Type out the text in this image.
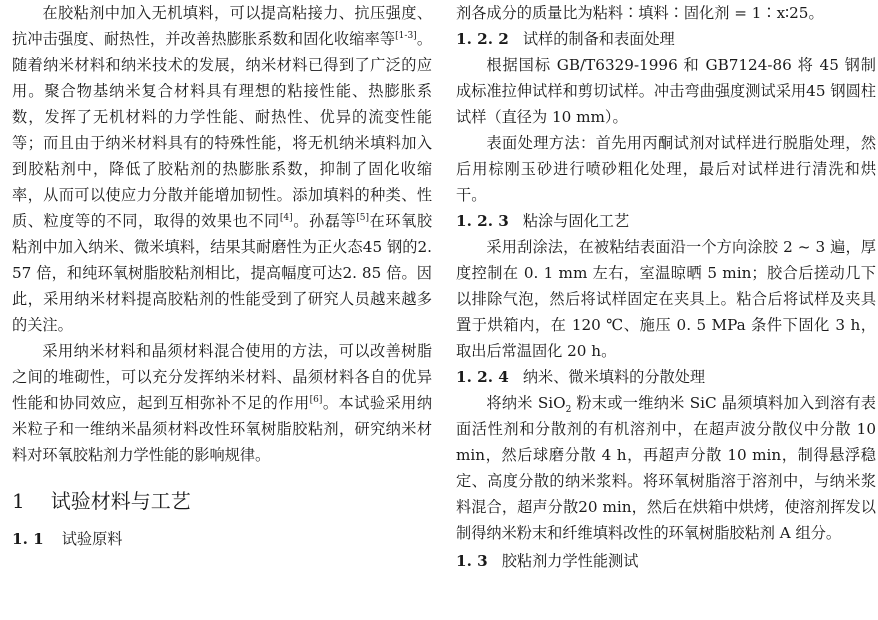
在胶粘剂中加入无机填料，可以提高粘接力、抗压强度、抗冲击强度、耐热性，并改善热膨胀系数和固化收缩率等[1-3]。随着纳米材料和纳米技术的发展，纳米材料已得到了广泛的应用。聚合物基纳米复合材料具有理想的粘接性能、热膨胀系数，发挥了无机材料的力学性能、耐热性、优异的流变性能等；而且由于纳米材料具有的特殊性能，将无机纳米填料加入到胶粘剂中，降低了胶粘剂的热膨胀系数，抑制了固化收缩率，从而可以使应力分散并能增加韧性。添加填料的种类、性质、粒度等的不同，取得的效果也不同[4]。孙磊等[5]在环氧胶粘剂中加入纳米、微米填料，结果其耐磨性为正火态45 钢的2. 57 倍，和纯环氧树脂胶粘剂相比，提高幅度可达2. 85 倍。因此，采用纳米材料提高胶粘剂的性能受到了研究人员越来越多的关注。

采用纳米材料和晶须材料混合使用的方法，可以改善树脂之间的堆砌性，可以充分发挥纳米材料、晶须材料各自的优异性能和协同效应，起到互相弥补不足的作用[6]。本试验采用纳米粒子和一维纳米晶须材料改性环氧树脂胶粘剂，研究纳米材料对环氧胶粘剂力学性能的影响规律。

1 试验材料与工艺
1. 1 试验原料

剂各成分的质量比为粘料∶填料∶固化剂 = 1∶x∶25。

1. 2. 2 试样的制备和表面处理

根据国标 GB/T6329-1996 和 GB7124-86 将 45 钢制成标准拉伸试样和剪切试样。冲击弯曲强度测试采用45 钢圆柱试样（直径为 10 mm）。

表面处理方法：首先用丙酮试剂对试样进行脱脂处理，然后用棕刚玉砂进行喷砂粗化处理，最后对试样进行清洗和烘干。

1. 2. 3 粘涂与固化工艺

采用刮涂法，在被粘结表面沿一个方向涂胶 2 ~ 3 遍，厚度控制在 0. 1 mm 左右，室温晾晒 5 min；胶合后搓动几下以排除气泡，然后将试样固定在夹具上。粘合后将试样及夹具置于烘箱内，在 120 ℃、施压 0. 5 MPa 条件下固化 3 h，取出后常温固化 20 h。

1. 2. 4 纳米、微米填料的分散处理

将纳米 SiO$_2$ 粉末或一维纳米 SiC 晶须填料加入到溶有表面活性剂和分散剂的有机溶剂中，在超声波分散仪中分散 10 min，然后球磨分散 4 h，再超声分散 10 min，制得悬浮稳定、高度分散的纳米浆料。将环氧树脂溶于溶剂中，与纳米浆料混合，超声分散20 min，然后在烘箱中烘烤，使溶剂挥发以制得纳米粉末和纤维填料改性的环氧树脂胶粘剂 A 组分。

1. 3 胶粘剂力学性能测试
